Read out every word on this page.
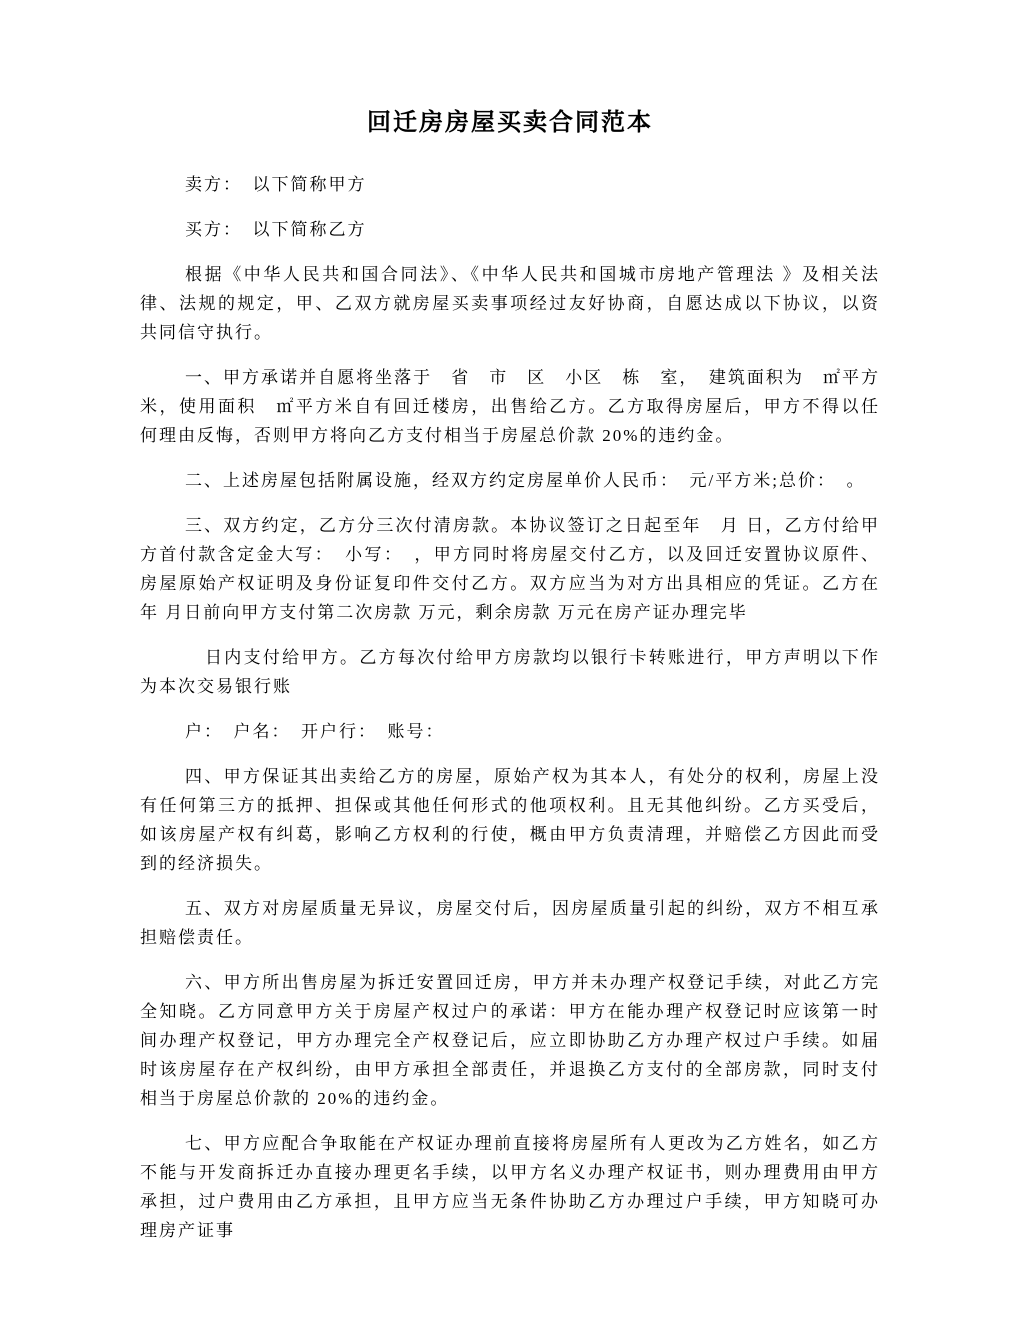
回迁房房屋买卖合同范本

卖方：　以下简称甲方

买方：　以下简称乙方

根据《中华人民共和国合同法》、《中华人民共和国城市房地产管理法 》及相关法律、法规的规定，甲、乙双方就房屋买卖事项经过友好协商，自愿达成以下协议，以资共同信守执行。

一、甲方承诺并自愿将坐落于　省　市　区　小区　栋　室，　建筑面积为　㎡平方米，使用面积　㎡平方米自有回迁楼房，出售给乙方。乙方取得房屋后，甲方不得以任何理由反悔，否则甲方将向乙方支付相当于房屋总价款 20%的违约金。

二、上述房屋包括附属设施，经双方约定房屋单价人民币：　元/平方米;总价：　。

三、双方约定，乙方分三次付清房款。本协议签订之日起至年　月 日，乙方付给甲方首付款含定金大写：　小写：　，甲方同时将房屋交付乙方，以及回迁安置协议原件、房屋原始产权证明及身份证复印件交付乙方。双方应当为对方出具相应的凭证。乙方在　年 月日前向甲方支付第二次房款 万元，剩余房款 万元在房产证办理完毕

日内支付给甲方。乙方每次付给甲方房款均以银行卡转账进行，甲方声明以下作为本次交易银行账

户：　户名：　开户行：　账号：

四、甲方保证其出卖给乙方的房屋，原始产权为其本人，有处分的权利，房屋上没有任何第三方的抵押、担保或其他任何形式的他项权利。且无其他纠纷。乙方买受后，如该房屋产权有纠葛，影响乙方权利的行使，概由甲方负责清理，并赔偿乙方因此而受到的经济损失。

五、双方对房屋质量无异议，房屋交付后，因房屋质量引起的纠纷，双方不相互承担赔偿责任。

六、甲方所出售房屋为拆迁安置回迁房，甲方并未办理产权登记手续，对此乙方完全知晓。乙方同意甲方关于房屋产权过户的承诺：甲方在能办理产权登记时应该第一时间办理产权登记，甲方办理完全产权登记后，应立即协助乙方办理产权过户手续。如届时该房屋存在产权纠纷，由甲方承担全部责任，并退换乙方支付的全部房款，同时支付相当于房屋总价款的 20%的违约金。

七、甲方应配合争取能在产权证办理前直接将房屋所有人更改为乙方姓名，如乙方不能与开发商拆迁办直接办理更名手续，以甲方名义办理产权证书，则办理费用由甲方承担，过户费用由乙方承担，且甲方应当无条件协助乙方办理过户手续，甲方知晓可办理房产证事
